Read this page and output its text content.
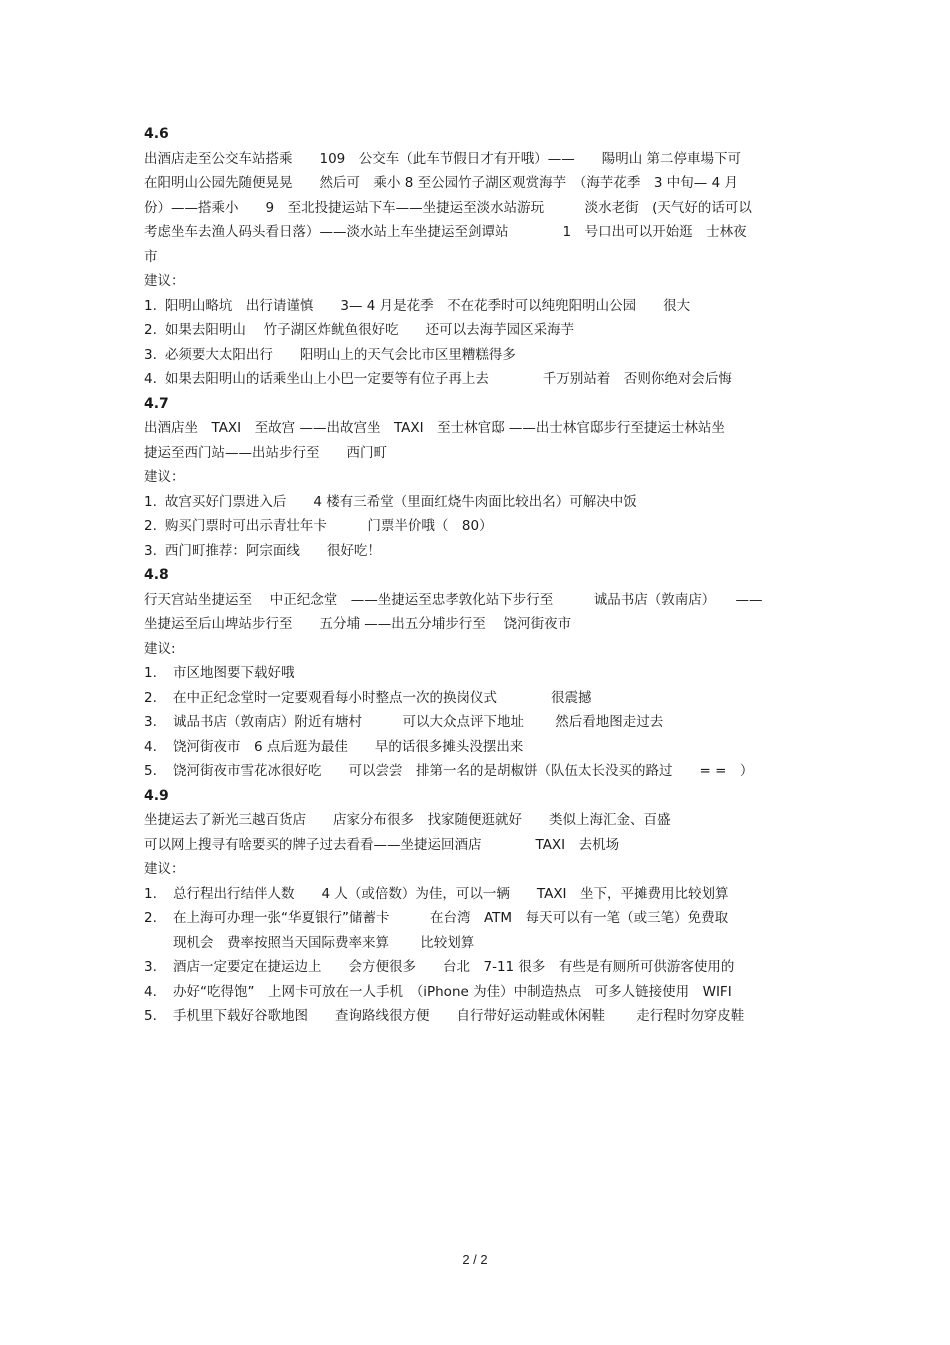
4.6
出酒店走至公交车站搭乘　　109　公交车（此车节假日才有开哦）——　　陽明山 第二停車場下可
在阳明山公园先随便晃晃　　然后可　乘小 8 至公园竹子湖区观赏海芋　（海芋花季　3 中旬— 4 月
份）——搭乘小　　9　至北投捷运站下车——坐捷运至淡水站游玩　　　淡水老街　(天气好的话可以
考虑坐车去渔人码头看日落）——淡水站上车坐捷运至剑谭站　　　　1　号口出可以开始逛　士林夜
市
建议：
1. 阳明山略坑　出行请谨慎　　3— 4 月是花季　不在花季时可以纯兜阳明山公园　　很大
2. 如果去阳明山　 竹子湖区炸鱿鱼很好吃　　还可以去海芋园区采海芋
3. 必须要大太阳出行　　阳明山上的天气会比市区里糟糕得多
4. 如果去阳明山的话乘坐山上小巴一定要等有位子再上去　　　　千万别站着　否则你绝对会后悔
4.7
出酒店坐　TAXI　至故宫 ——出故宫坐　TAXI　至士林官邸 ——出士林官邸步行至捷运士林站坐
捷运至西门站——出站步行至　　西门町
建议：
1. 故宫买好门票进入后　　4 楼有三希堂（里面红烧牛肉面比较出名）可解决中饭
2. 购买门票时可出示青壮年卡　　　门票半价哦（　80）
3. 西门町推荐：阿宗面线　　很好吃！
4.8
行天宫站坐捷运至　 中正纪念堂　——坐捷运至忠孝敦化站下步行至　　　诚品书店（敦南店）　　——
坐捷运至后山埤站步行至　　五分埔 ——出五分埔步行至　 饶河街夜市
建议:
1.	市区地图要下载好哦
2.	在中正纪念堂时一定要观看每小时整点一次的换岗仪式　　　　很震撼
3.	诚品书店（敦南店）附近有塘村　　　可以大众点评下地址　　 然后看地图走过去
4.	饶河街夜市　6 点后逛为最佳　　早的话很多摊头没摆出来
5.	饶河街夜市雪花冰很好吃　　可以尝尝　排第一名的是胡椒饼（队伍太长没买的路过　　= =　）
4.9
坐捷运去了新光三越百货店　　店家分布很多　找家随便逛就好　　类似上海汇金、百盛
可以网上搜寻有啥要买的牌子过去看看——坐捷运回酒店　　　　TAXI　去机场
建议：
1.	总行程出行结伴人数　　4 人（或倍数）为佳，可以一辆　　TAXI　坐下，平摊费用比较划算
2.	在上海可办理一张“华夏银行”储蓄卡　　　在台湾　ATM　每天可以有一笔（或三笔）免费取
现机会　费率按照当天国际费率来算　　 比较划算
3.	酒店一定要定在捷运边上　　会方便很多　　台北　7-11 很多　有些是有厕所可供游客使用的
4.	办好“吃得饱”　上网卡可放在一人手机　（iPhone 为佳）中制造热点　可多人链接使用　WIFI
5.	手机里下载好谷歌地图　　查询路线很方便　　自行带好运动鞋或休闲鞋　　 走行程时勿穿皮鞋
2 / 2
